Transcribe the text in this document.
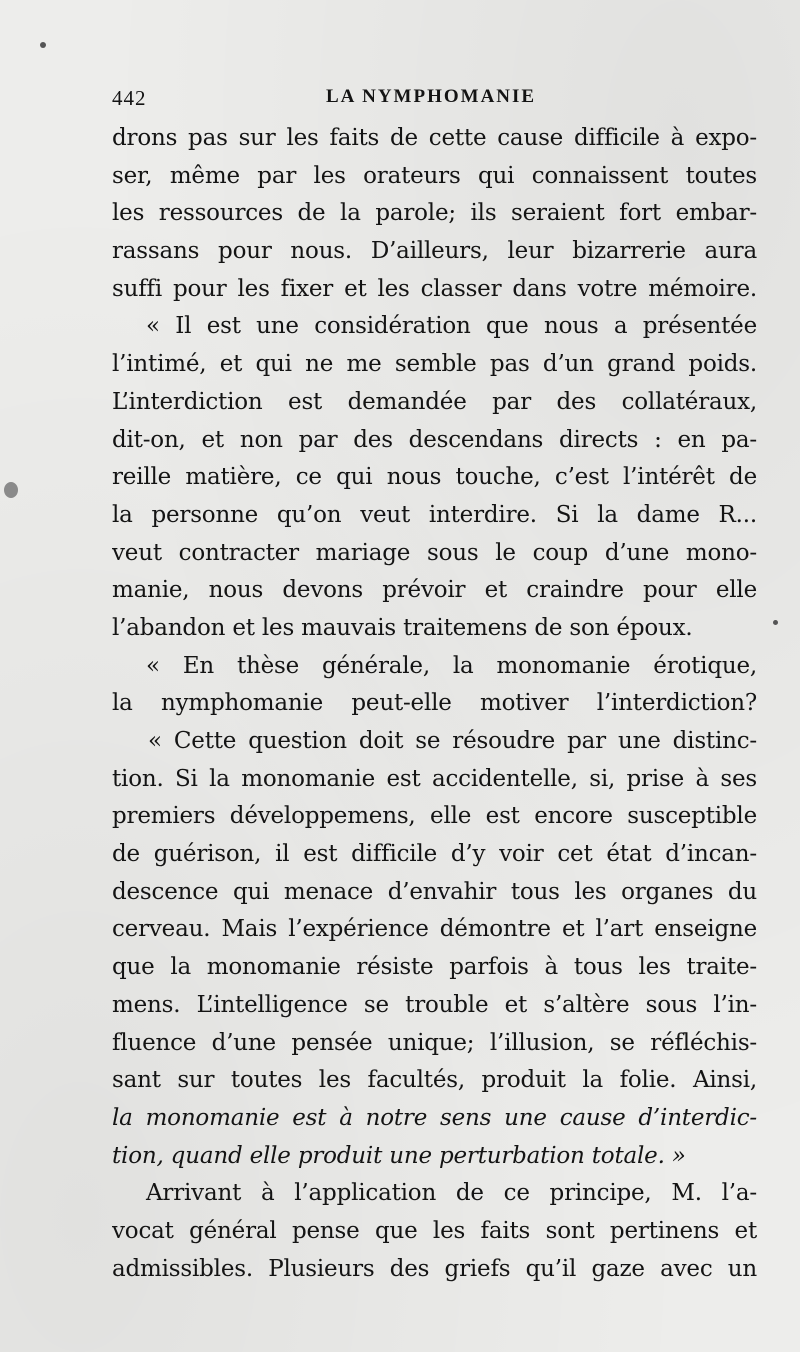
442	LA NYMPHOMANIE
drons pas sur les faits de cette cause difficile à expo-
ser, même par les orateurs qui connaissent toutes
les ressources de la parole; ils seraient fort embar-
rassans pour nous. D’ailleurs, leur bizarrerie aura
suffi pour les fixer et les classer dans votre mémoire.
« Il est une considération que nous a présentée
l’intimé, et qui ne me semble pas d’un grand poids.
L’interdiction est demandée par des collatéraux,
dit-on, et non par des descendans directs : en pa-
reille matière, ce qui nous touche, c’est l’intérêt de
la personne qu’on veut interdire. Si la dame R...
veut contracter mariage sous le coup d’une mono-
manie, nous devons prévoir et craindre pour elle
l’abandon et les mauvais traitemens de son époux.
« En thèse générale, la monomanie érotique,
la nymphomanie peut-elle motiver l’interdiction?
« Cette question doit se résoudre par une distinc-
tion. Si la monomanie est accidentelle, si, prise à ses
premiers développemens, elle est encore susceptible
de guérison, il est difficile d’y voir cet état d’incan-
descence qui menace d’envahir tous les organes du
cerveau. Mais l’expérience démontre et l’art enseigne
que la monomanie résiste parfois à tous les traite-
mens. L’intelligence se trouble et s’altère sous l’in-
fluence d’une pensée unique; l’illusion, se réfléchis-
sant sur toutes les facultés, produit la folie. Ainsi,
la monomanie est à notre sens une cause d’interdic-
tion, quand elle produit une perturbation totale. »
Arrivant à l’application de ce principe, M. l’a-
vocat général pense que les faits sont pertinens et
admissibles. Plusieurs des griefs qu’il gaze avec un
